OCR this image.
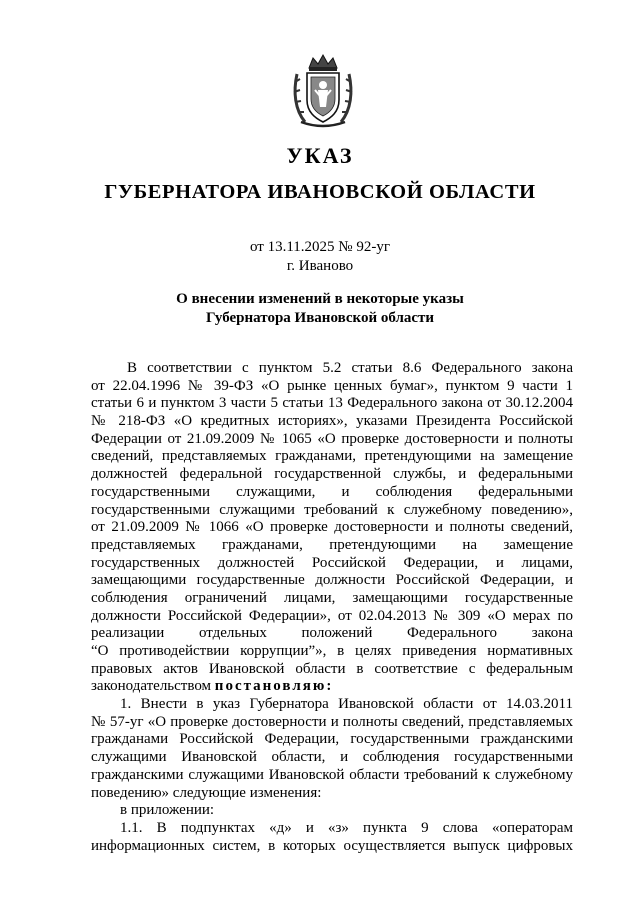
УКАЗ
ГУБЕРНАТОРА ИВАНОВСКОЙ ОБЛАСТИ
от 13.11.2025 № 92-уг
г. Иваново
О внесении изменений в некоторые указы
Губернатора Ивановской области
В соответствии с пунктом 5.2 статьи 8.6 Федерального закона
от 22.04.1996 № 39-ФЗ «О рынке ценных бумаг», пунктом 9 части 1
статьи 6 и пунктом 3 части 5 статьи 13 Федерального закона от 30.12.2004
№ 218-ФЗ «О кредитных историях», указами Президента Российской
Федерации от 21.09.2009 № 1065 «О проверке достоверности и полноты
сведений, представляемых гражданами, претендующими на замещение
должностей федеральной государственной службы, и федеральными
государственными служащими, и соблюдения федеральными
государственными служащими требований к служебному поведению»,
от 21.09.2009 № 1066 «О проверке достоверности и полноты сведений,
представляемых гражданами, претендующими на замещение
государственных должностей Российской Федерации, и лицами,
замещающими государственные должности Российской Федерации, и
соблюдения ограничений лицами, замещающими государственные
должности Российской Федерации», от 02.04.2013 № 309 «О мерах по
реализации отдельных положений Федерального закона
“О противодействии коррупции”», в целях приведения нормативных
правовых актов Ивановской области в соответствие с федеральным
законодательством постановляю:
1. Внести в указ Губернатора Ивановской области от 14.03.2011
№ 57-уг «О проверке достоверности и полноты сведений, представляемых
гражданами Российской Федерации, государственными гражданскими
служащими Ивановской области, и соблюдения государственными
гражданскими служащими Ивановской области требований к служебному
поведению» следующие изменения:
в приложении:
1.1. В подпунктах «д» и «з» пункта 9 слова «операторам
информационных систем, в которых осуществляется выпуск цифровых
